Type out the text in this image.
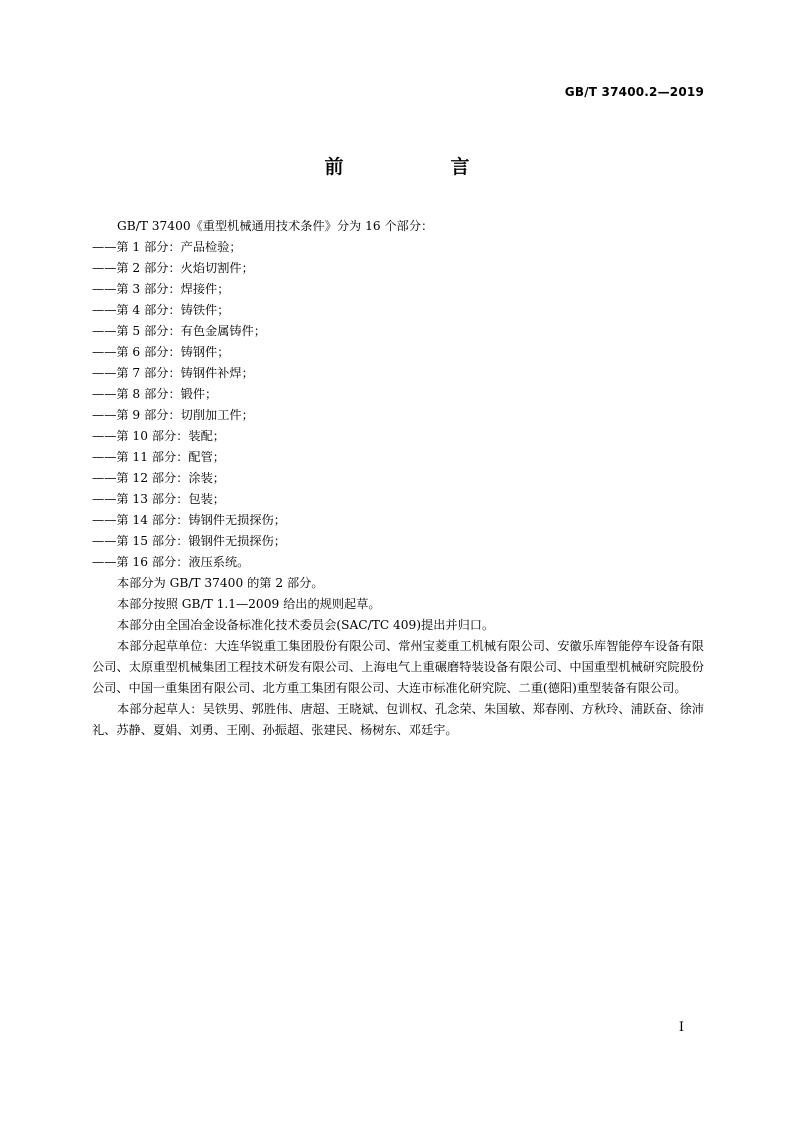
GB/T 37400.2—2019
前　言
GB/T 37400《重型机械通用技术条件》分为 16 个部分：
——第 1 部分：产品检验；
——第 2 部分：火焰切割件；
——第 3 部分：焊接件；
——第 4 部分：铸铁件；
——第 5 部分：有色金属铸件；
——第 6 部分：铸钢件；
——第 7 部分：铸钢件补焊；
——第 8 部分：锻件；
——第 9 部分：切削加工件；
——第 10 部分：装配；
——第 11 部分：配管；
——第 12 部分：涂装；
——第 13 部分：包装；
——第 14 部分：铸钢件无损探伤；
——第 15 部分：锻钢件无损探伤；
——第 16 部分：液压系统。
本部分为 GB/T 37400 的第 2 部分。
本部分按照 GB/T 1.1—2009 给出的规则起草。
本部分由全国冶金设备标准化技术委员会(SAC/TC 409)提出并归口。
本部分起草单位：大连华锐重工集团股份有限公司、常州宝菱重工机械有限公司、安徽乐库智能停车设备有限公司、太原重型机械集团工程技术研发有限公司、上海电气上重碾磨特装设备有限公司、中国重型机械研究院股份公司、中国一重集团有限公司、北方重工集团有限公司、大连市标准化研究院、二重(德阳)重型装备有限公司。
本部分起草人：吴铁男、郭胜伟、唐超、王晓斌、包训权、孔念荣、朱国敏、郑春刚、方秋玲、浦跃奋、徐沛礼、苏静、夏娟、刘勇、王刚、孙振超、张建民、杨树东、邓廷宇。
I
